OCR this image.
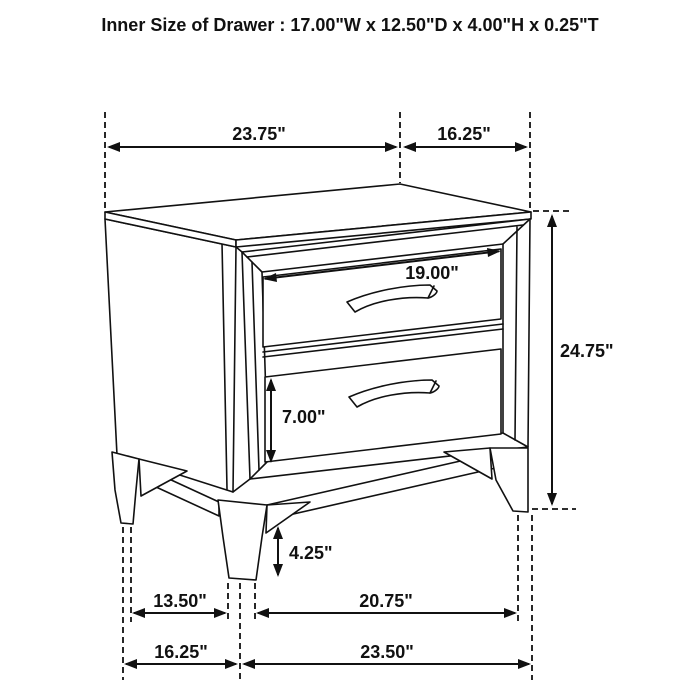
Inner Size of Drawer : 17.00"W x 12.50"D x 4.00"H x 0.25"T
23.75"	16.25"
24.75"
19.00"
7.00"
4.25"
13.50"	20.75"
16.25"	23.50"
